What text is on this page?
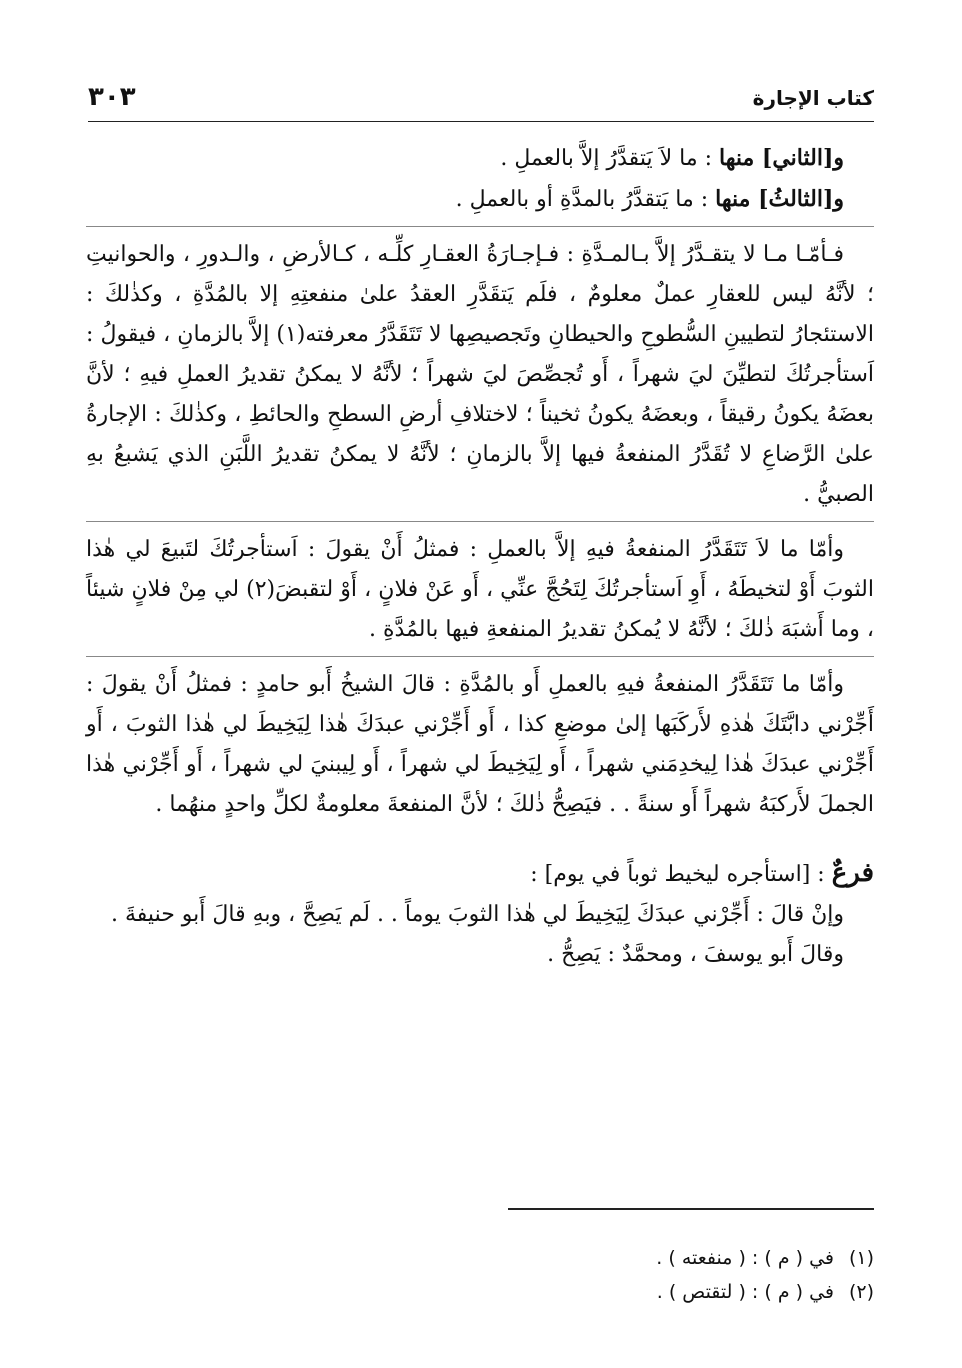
كتاب الإجارة
٣٠٣

و[الثاني] منها : ما لاَ يَتقدَّرُ إلاَّ بالعملِ .

و[الثالثُ] منها : ما يَتقدَّرُ بالمدَّةِ أو بالعملِ .

فـأمّـا مـا لا يتقـدَّرُ إلاَّ بـالمـدَّةِ : فـإجـارَةُ العقـارِ كلِّـه ، كـالأرضِ ، والـدورِ ، والحوانيتِ ؛ لأنَّهُ ليس للعقارِ عملٌ معلومٌ ، فلَم يَتقَدَّرِ العقدُ علىٰ منفعتِهِ إلا بالمُدَّةِ ، وكذٰلكَ : الاستئجارُ لتطيينِ السُّطوحِ والحيطانِ وتَجصيصِها لا تَتَقَدَّرُ معرفته(١) إلاَّ بالزمانِ ، فيقولُ : اَستأجرتُكَ لتطيِّنَ ليَ شهراً ، أَو تُجصِّصَ ليَ شهراً ؛ لأنَّهُ لا يمكنُ تقديرُ العملِ فيهِ ؛ لأنَّ بعضَهُ يكونُ رقيقاً ، وبعضَهُ يكونُ ثخيناً ؛ لاختلافِ أرضِ السطحِ والحائطِ ، وكذٰلكَ : الإجارةُ علىٰ الرَّضاعِ لا تُقَدَّرُ المنفعةُ فيها إلاَّ بالزمانِ ؛ لأنَّهُ لا يمكنُ تقديرُ اللَّبَنِ الذي يَشبعُ بهِ الصبيُّ .

وأمّا ما لاَ تَتَقَدَّرُ المنفعةُ فيهِ إلاَّ بالعملِ : فمثلُ أَنْ يقولَ : اَستأجرتُكَ لتَبيعَ لي هٰذا الثوبَ أَوْ لتخيطَهُ ، أَوِ اَستأجرتُكَ لِتَحُجَّ عنِّي ، أَو عَنْ فلانٍ ، أَوْ لتقبضَ(٢) لي مِنْ فلانٍ شيئاً ، وما أَشبَهَ ذٰلكَ ؛ لأنَّهُ لا يُمكنُ تقديرُ المنفعةِ فيها بالمُدَّةِ .

وأمّا ما تَتَقَدَّرُ المنفعةُ فيهِ بالعملِ أَو بالمُدَّةِ : قالَ الشيخُ أَبو حامدٍ : فمثلُ أَنْ يقولَ : أَجِّرْني دابَّتَكَ هٰذهِ لأَركَبَها إلىٰ موضعِ كذا ، أَو أَجِّرْني عبدَكَ هٰذا لِيَخِيطَ لي هٰذا الثوبَ ، أَو أَجِّرْني عبدَكَ هٰذا لِيخدِمَني شهراً ، أَو لِيَخِيطَ لي شهراً ، أَو لِيبنيَ لي شهراً ، أَو أَجِّرْني هٰذا الجملَ لأَركبَهُ شهراً أَو سنةً . . فيَصِحُّ ذٰلكَ ؛ لأنَّ المنفعةَ معلومةٌ لكلِّ واحدٍ منهُما .

فرعٌ : [استأجره ليخيط ثوباً في يوم] :

وإنْ قالَ : أَجِّرْني عبدَكَ لِيَخِيطَ لي هٰذا الثوبَ يوماً . . لَم يَصِحَّ ، وبهِ قالَ أَبو حنيفةَ .

وقالَ أَبو يوسفَ ، ومحمَّدٌ : يَصِحُّ .

(١)في ( م ) : ( منفعته ) .
(٢)في ( م ) : ( لتقتص ) .
